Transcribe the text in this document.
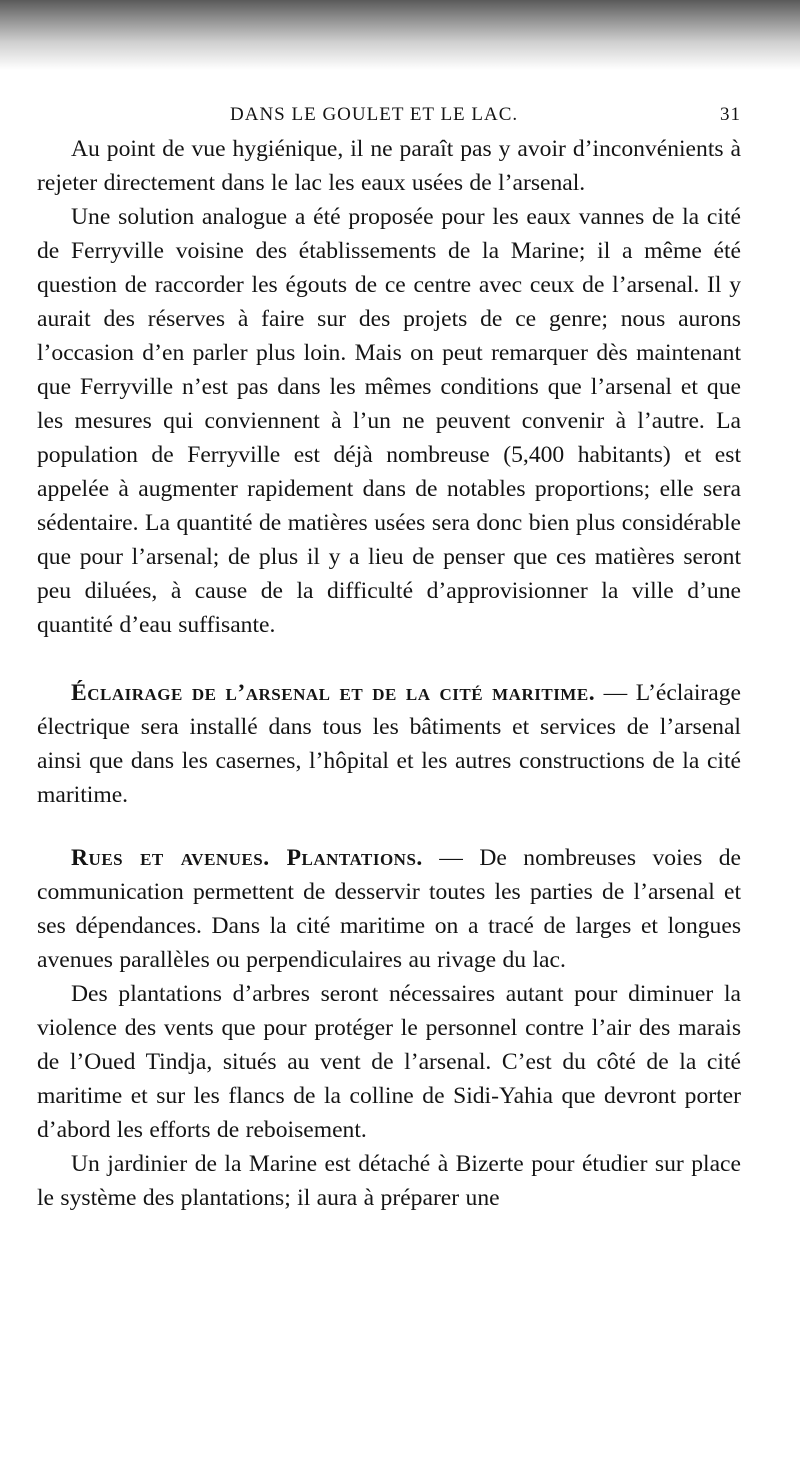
DANS LE GOULET ET LE LAC.	31

Au point de vue hygiénique, il ne paraît pas y avoir d’inconvénients à rejeter directement dans le lac les eaux usées de l’arsenal.

Une solution analogue a été proposée pour les eaux vannes de la cité de Ferryville voisine des établissements de la Marine; il a même été question de raccorder les égouts de ce centre avec ceux de l’arsenal. Il y aurait des réserves à faire sur des projets de ce genre; nous aurons l’occasion d’en parler plus loin. Mais on peut remarquer dès maintenant que Ferryville n’est pas dans les mêmes conditions que l’arsenal et que les mesures qui conviennent à l’un ne peuvent convenir à l’autre. La population de Ferryville est déjà nombreuse (5,400 habitants) et est appelée à augmenter rapidement dans de notables proportions; elle sera sédentaire. La quantité de matières usées sera donc bien plus considérable que pour l’arsenal; de plus il y a lieu de penser que ces matières seront peu diluées, à cause de la difficulté d’approvisionner la ville d’une quantité d’eau suffisante.

Éclairage de l’arsenal et de la cité maritime. — L’éclairage électrique sera installé dans tous les bâtiments et services de l’arsenal ainsi que dans les casernes, l’hôpital et les autres constructions de la cité maritime.

Rues et avenues. Plantations. — De nombreuses voies de communication permettent de desservir toutes les parties de l’arsenal et ses dépendances. Dans la cité maritime on a tracé de larges et longues avenues parallèles ou perpendiculaires au rivage du lac.

Des plantations d’arbres seront nécessaires autant pour diminuer la violence des vents que pour protéger le personnel contre l’air des marais de l’Oued Tindja, situés au vent de l’arsenal. C’est du côté de la cité maritime et sur les flancs de la colline de Sidi-Yahia que devront porter d’abord les efforts de reboisement.

Un jardinier de la Marine est détaché à Bizerte pour étudier sur place le système des plantations; il aura à préparer une
